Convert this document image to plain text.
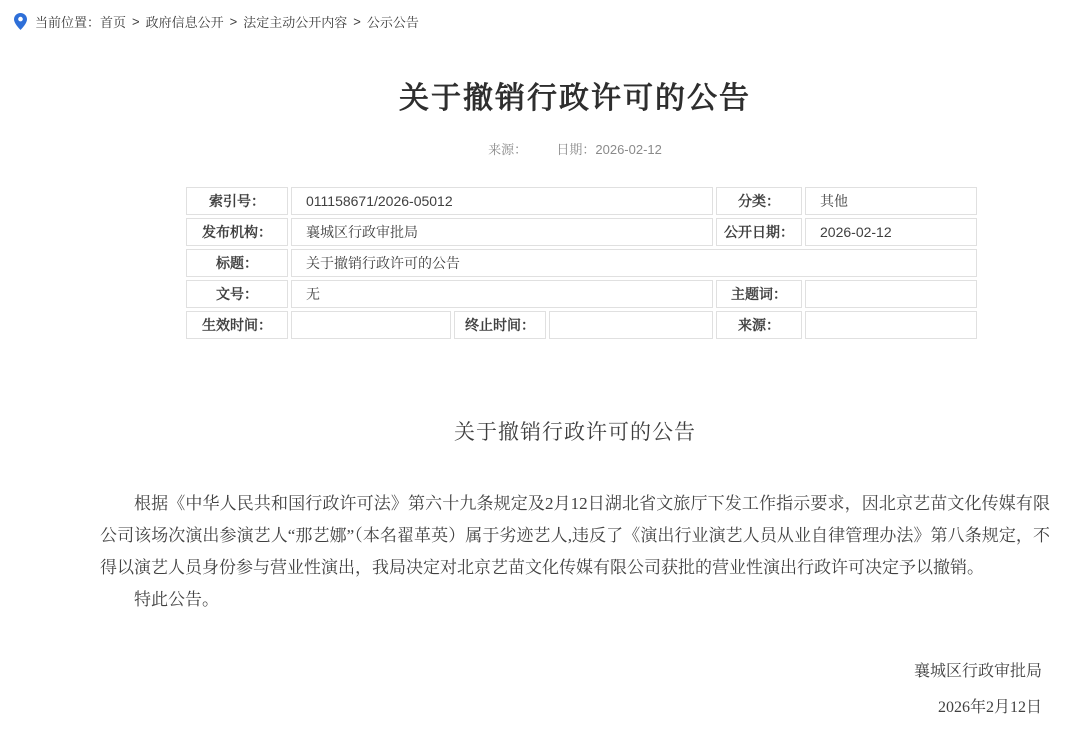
当前位置： 首页 > 政府信息公开 > 法定主动公开内容 > 公示公告
关于撤销行政许可的公告
来源： 日期：2026-02-12
索引号：	011158671/2026-05012			分类：	其他
发布机构：	襄城区行政审批局			公开日期：	2026-02-12
标题：	关于撤销行政许可的公告				
文号：	无			主题词：	
生效时间：		终止时间：		来源：	
关于撤销行政许可的公告

根据《中华人民共和国行政许可法》第六十九条规定及2月12日湖北省文旅厅下发工作指示要求，因北京艺苗文化传媒有限公司该场次演出参演艺人“那艺娜”（本名翟革英）属于劣迹艺人,违反了《演出行业演艺人员从业自律管理办法》第八条规定，不得以演艺人员身份参与营业性演出，我局决定对北京艺苗文化传媒有限公司获批的营业性演出行政许可决定予以撤销。

特此公告。

襄城区行政审批局
2026年2月12日
